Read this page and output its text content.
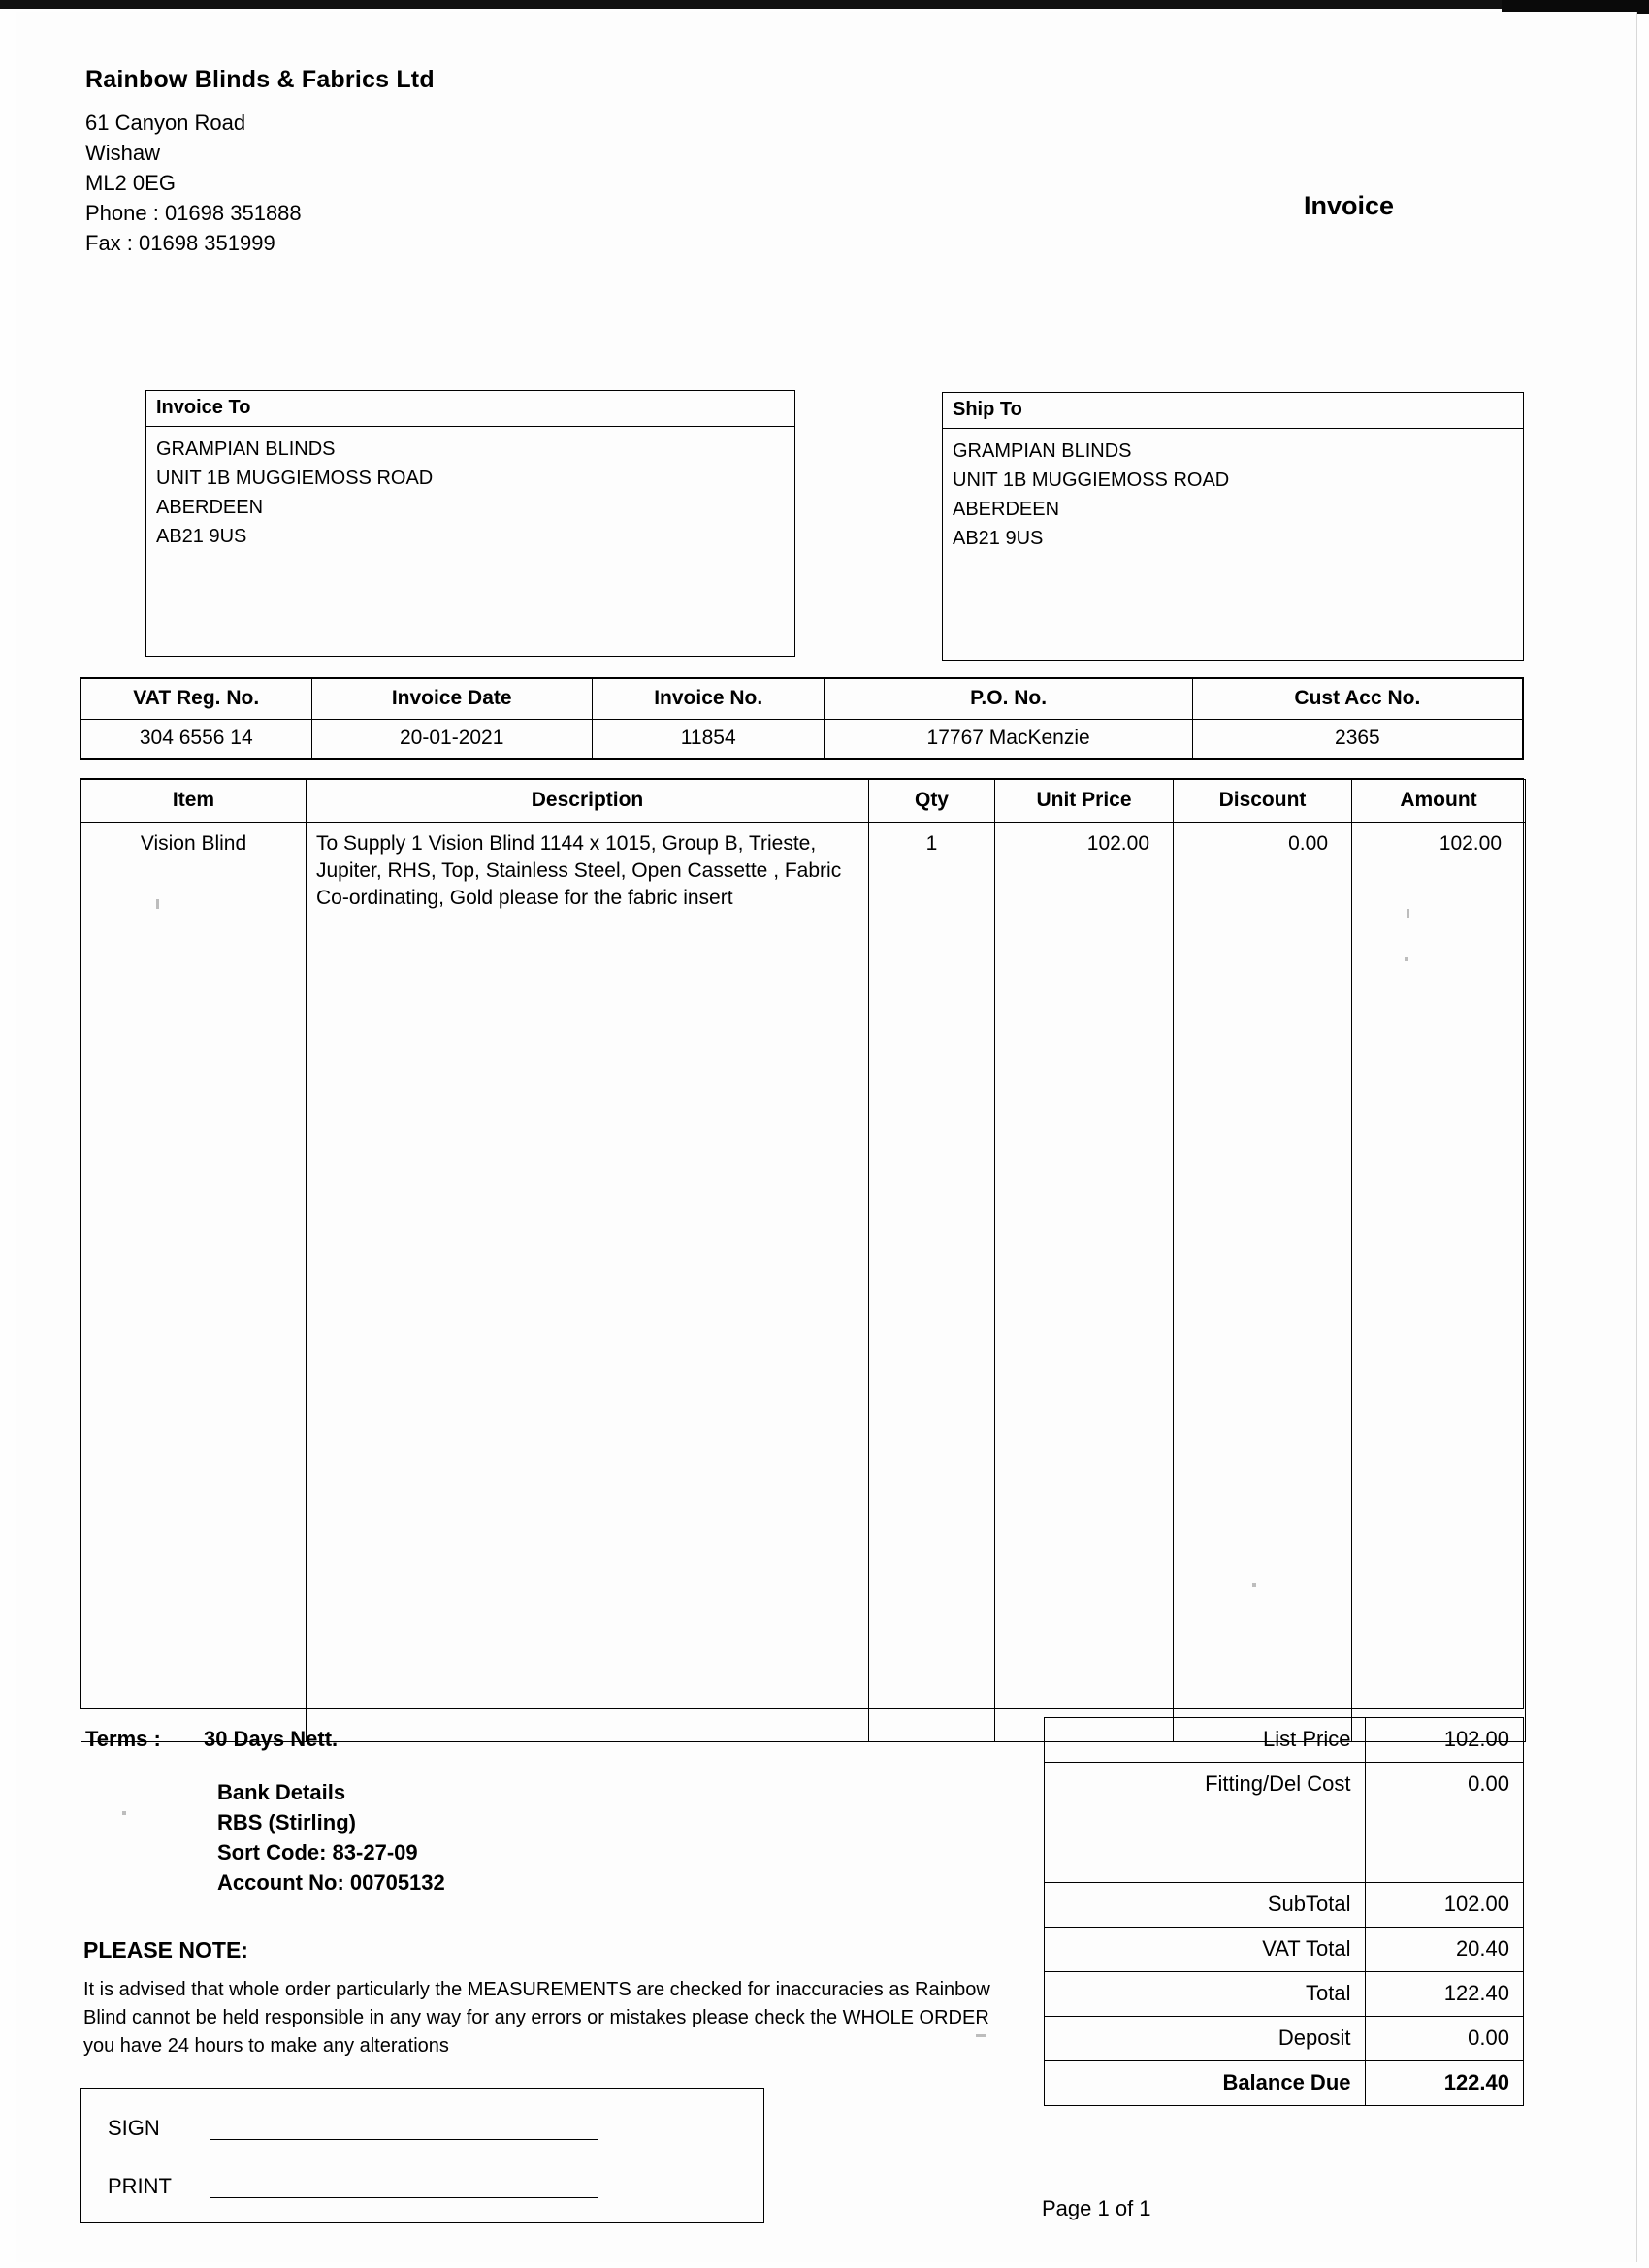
Rainbow Blinds & Fabrics Ltd
61 Canyon Road
Wishaw
ML2 0EG
Phone : 01698 351888
Fax : 01698 351999
Invoice
Invoice To
GRAMPIAN BLINDS
UNIT 1B MUGGIEMOSS ROAD
ABERDEEN
AB21 9US
Ship To
GRAMPIAN BLINDS
UNIT 1B MUGGIEMOSS ROAD
ABERDEEN
AB21 9US
VAT Reg. No.	Invoice Date	Invoice No.	P.O. No.	Cust Acc No.
304 6556 14	20-01-2021	11854	17767 MacKenzie	2365
Item	Description	Qty	Unit Price	Discount	Amount
Vision Blind	To Supply 1 Vision Blind 1144 x 1015, Group B, Trieste, Jupiter, RHS, Top, Stainless Steel, Open Cassette , Fabric Co-ordinating, Gold please for the fabric insert	1	102.00	0.00	102.00

Terms : 30 Days Nett.
Bank Details
RBS (Stirling)
Sort Code: 83-27-09
Account No: 00705132
PLEASE NOTE:
It is advised that whole order particularly the MEASUREMENTS are checked for inaccuracies as Rainbow Blind cannot be held responsible in any way for any errors or mistakes please check the WHOLE ORDER you have 24 hours to make any alterations
SIGN
PRINT
List Price	102.00
Fitting/Del Cost	0.00

SubTotal	102.00
VAT Total	20.40
Total	122.40
Deposit	0.00
Balance Due	122.40
Page 1 of 1
